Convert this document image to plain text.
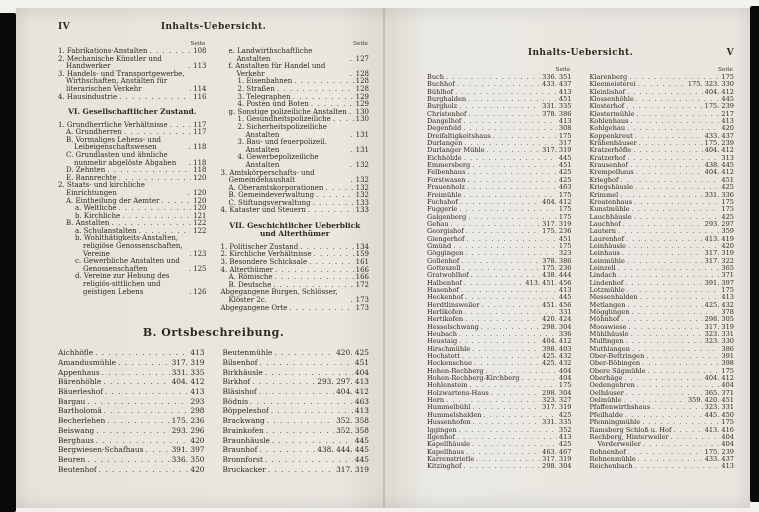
IV	Inhalts-Uebersicht.
Seite
1. Fabrikations-Anstalten . . .	108
2. Mechanische Künstler und Handwerker . . .	113
3. Handels- und Transportgewerbe, Wirthschaften, Anstalten für literarischen Verkehr . . .	114
4. Hausindustrie . . .	116
VI. Gesellschaftlicher Zustand.
1. Grundherrliche Verhältnisse . . .	117
A. Grundherren . . .	117
B. Vormaliges Lehens- und Leibeigenschaftswesen . . .	118
C. Grundlasten und ähnliche nunmehr abgelöste Abgaben . . .	118
D. Zehnten . . .	118
E. Bannrechte . . .	120
2. Staats- und kirchliche Einrichtungen . . .	120
A. Eintheilung der Aemter . . .	120
a. Weltliche . . .	120
b. Kirchliche . . .	121
B. Anstalten . . .	122
a. Schulanstalten . . .	122
b. Wohlthätigkeits-Anstalten, religiöse Genossenschaften, Vereine . . .	123
c. Gewerbliche Anstalten und Genossenschaften . . .	125
d. Vereine zur Hebung des religiös-sittlichen und geistigen Lebens . . .	126
Seite
e. Landwirthschaftliche Anstalten . . .	127
f. Anstalten für Handel und Verkehr . . .	128
1. Eisenbahnen . . .	128
2. Straßen . . .	128
3. Telegraphen . . .	129
4. Posten und Boten . . .	129
g. Sonstige polizeiliche Anstalten . . . 130
1. Gesundheitspolizeiliche . . .	130
2. Sicherheitspolizeiliche Anstalten . . .	131
3. Bau- und feuerpolizeil. Anstalten . . .	131
4. Gewerbepolizeiliche Anstalten . . .	132
3. Amtskörperschafts- und Gemeindehaushalt . . .	132
A. Oberamtskorporationen . . .	132
B. Gemeindeverwaltung . . .	132
C. Stiftungsverwaltung . . .	133
4. Kataster und Steuern . . .	133
VII. Geschichtlicher Ueberblick und Alterthümer
1. Politischer Zustand . . .	134
2. Kirchliche Verhältnisse . . .	159
3. Besondere Schicksale . . .	161
4. Alterthümer . . .	166
A. Römische . . .	166
B. Deutsche . . .	172
Abgegangene Burgen, Schlösser, Klöster 2c. . . .	173
Abgegangene Orte . . .	173
B. Ortsbeschreibung.
Aichhöfle . . .	413
Amandusmühle . . .	317. 319
Appenhaus . . .	331. 335
Bärenhöhle . . .	404. 412
Bäuerleshof . . .	413
Bargau . . .	293
Bartholomä . . .	298
Becherlehen . . .	175. 236
Beiswang . . .	293. 296
Berghaus . . .	420
Bergwiesen-Schafhaus . . .	391. 397
Beuren . . .	336. 350
Beutenhof . . .	420
Beutenmühle . . .	420. 425
Bilsenhof . . .	451
Birkhäusle . . .	404
Birkhof . . .	293. 297. 413
Bläsishof . . .	404. 412
Bödnis . . .	463
Böppeleshof . . .	413
Brackwang . . .	352. 358
Brainkofen . . .	352. 358
Braunhäusle . . .	445
Braunhof . . .	438. 444. 445
Bronnforst . . .	445
Bruckacker . . .	317. 319
Inhalts-Uebersicht.	V
Seite
Buch . . .	336. 351
Buchhof . . .	433. 437
Bühlhof . . .	413
Burghalden . . .	451
Burgholz . . .	331. 335
Christenhof . . .	378. 386
Dangelhof . . .	413
Degenfeld . . .	308
Dreifaltigkeitshaus . . .	175
Durlangen . . .	317
Durlanger Mühle . . .	317. 319
Eichhölzle . . .	445
Emmersberg . . .	451
Felbenhaus . . .	425
Forstwasen . . .	425
Frauenholz . . .	463
Freimühle . . .	175
Fuchshof . . .	404. 412
Fuggerle . . .	175
Galgenberg . . .	175
Gehau . . .	317. 319
Georgishof . . .	175. 236
Giengerhof . . .	451
Gmünd . . .	175
Göggingen . . .	323
Gollenhof . . .	378. 386
Gotteszell . . .	175. 236
Gratwohlhof . . .	438. 444
Halbenhof . . .	413. 451. 456
Hasenhof . . .	413
Heckenhof . . .	445
Herdtlinsweiler . . .	451. 456
Herlikofen . . .	331
Hertikofen . . .	420. 424
Hesselschwang . . .	298. 304
Heubach . . .	336
Heustaig . . .	404. 412
Hirschmühle . . .	398. 403
Hochstett . . .	425. 432
Hockenschue . . .	425. 432
Hohen-Rechberg . . .	404
Hohen-Rechberg-Kirchberg . . .	404
Hohlenstein . . .	175
Holzwartens-Haus . . .	298. 304
Horn . . .	323. 327
Hummelbühl . . .	317. 319
Hummelshalden . . .	425
Hussenhofen . . .	331. 335
Iggingen . . .	352
Ilgenhof . . .	413
Kapellhäusle . . .	425
Kapellhaus . . .	463. 467
Karrenstrietle . . .	317. 319
Kitzinghof . . .	298. 304
Seite
Klarenberg . . .	175
Kleemeisterei . . .	175. 323. 330
Kleinlishof . . .	404. 412
Klossenhöhle . . .	445
Klosterhof . . .	175. 239
Klostermühle . . .	217
Kohlenhaus . . .	413
Kohlgehau . . .	420
Koppenkreut . . .	433. 437
Krähenhäuser . . .	175. 239
Kratzerhöfle . . .	404. 412
Kratzerhof . . .	313
Krausenhof . . .	438. 445
Krempelhaus . . .	404. 412
Krieghof . . .	451
Kriegshäusle . . .	425
Krimmel . . .	331. 336
Kroatenhaus . . .	175
Kunstmühle . . .	175
Lauchhäusle . . .	425
Lauchhof . . .	293. 297
Lautern . . .	359
Laurenhof . . .	413. 419
Leinhäusle . . .	420
Leinhaus . . .	317. 319
Leinmühle . . .	317. 322
Leinzell . . .	365
Lindach . . .	371
Lindenhof . . .	391. 397
Lotzmühle . . .	175
Messenhalden . . .	413
Metlangen . . .	425. 432
Mögglingen . . .	378
Möhnhof . . .	298. 305
Mooswiese . . .	317. 319
Mühlhäusle . . .	323. 331
Mulfingen . . .	323. 330
Muthlangen . . .	386
Ober-Bettringen . . .	391
Ober-Böbingen . . .	398
Obere Sägmühle . . .	175
Oberhäge . . .	404. 412
Oedengehren . . .	404
Oelhäuser . . .	365. 371
Oelmühle . . .	359. 420. 451
Pfaffenwirthshaus . . .	323. 331
Pfeilhalde . . .	445. 450
Pfenningmühle . . .	175
Ramsberg Schloß u. Hof . . .	413. 416
Rechberg, Hinterweiler . . .	404
Vorderweiler . . .	404
Rehnenhof . . .	175. 239
Rehnenmühle . . .	433. 437
Reichenbach . . .	413
